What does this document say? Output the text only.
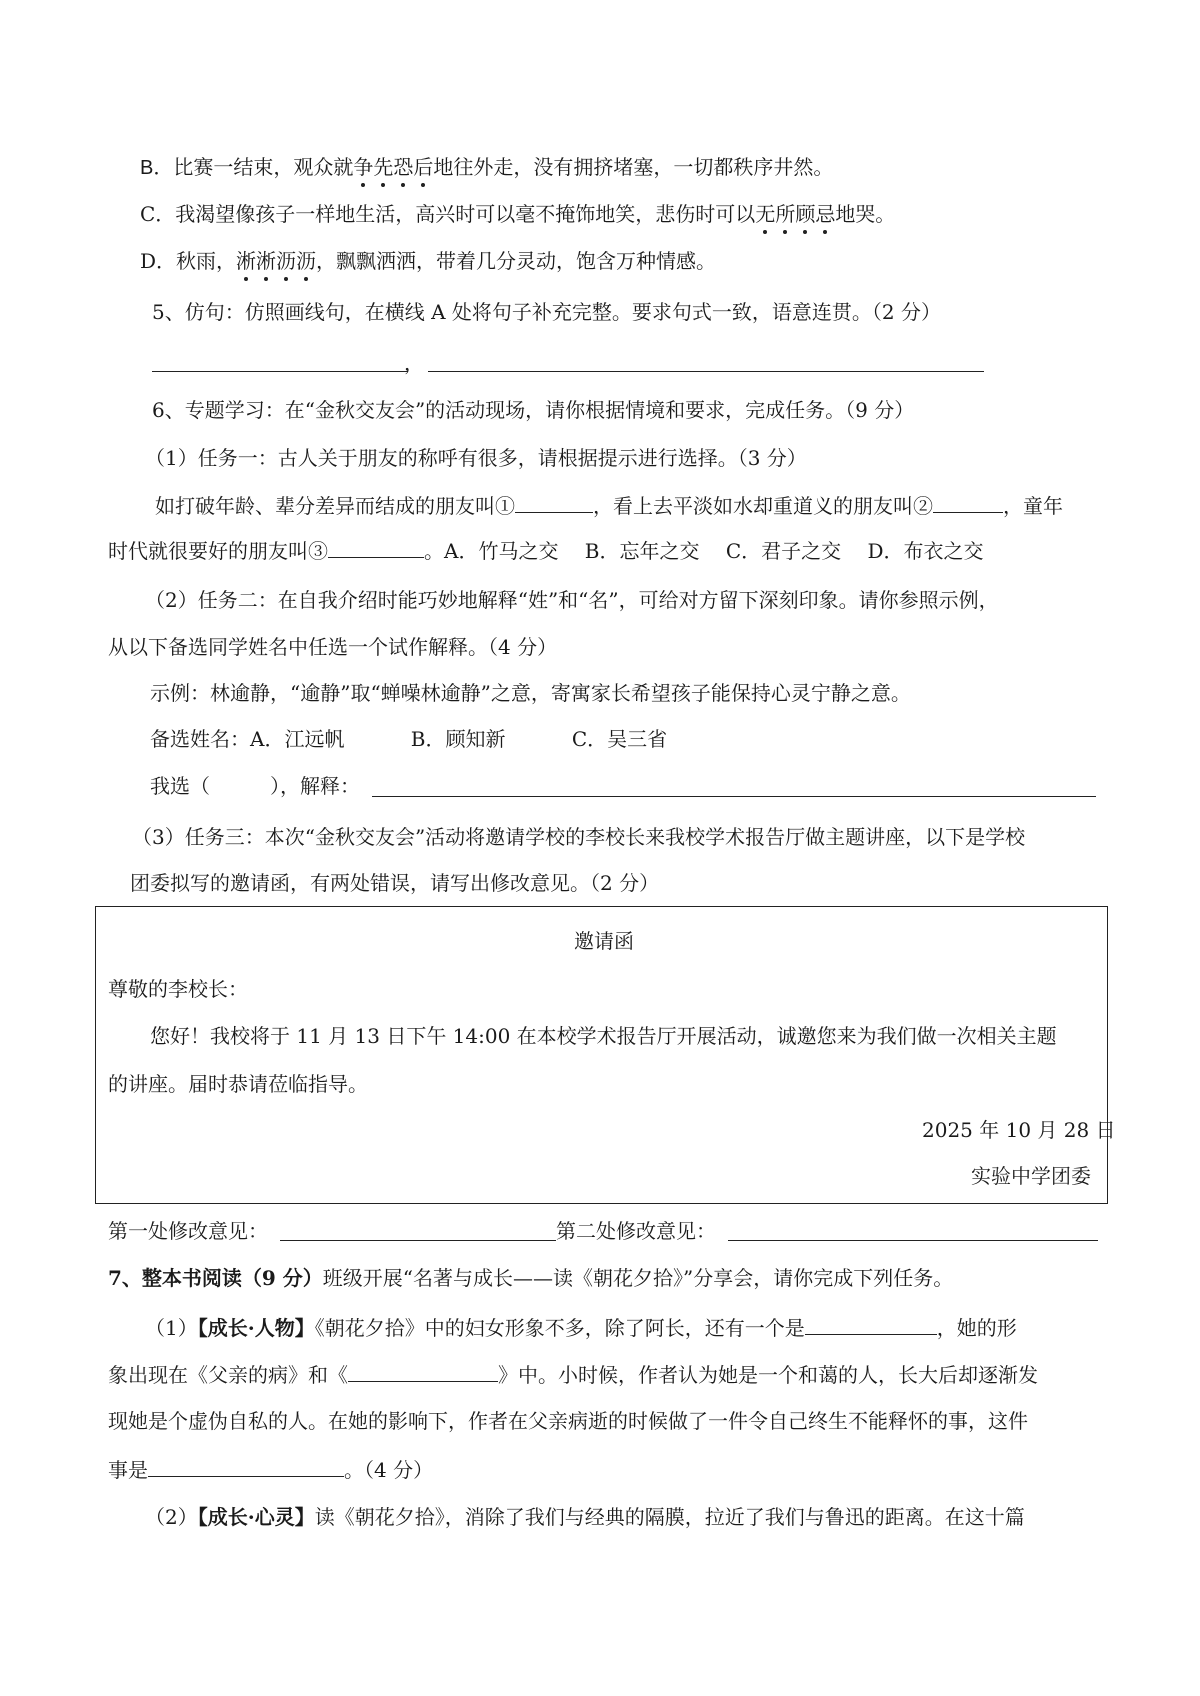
B．比赛一结束，观众就争先恐后地往外走，没有拥挤堵塞，一切都秩序井然。
C．我渴望像孩子一样地生活，高兴时可以毫不掩饰地笑，悲伤时可以无所顾忌地哭。
D．秋雨，淅淅沥沥，飘飘洒洒，带着几分灵动，饱含万种情感。
5、仿句：仿照画线句，在横线 A 处将句子补充完整。要求句式一致，语意连贯。（2 分）
，
6、专题学习：在“金秋交友会”的活动现场，请你根据情境和要求，完成任务。（9 分）
（1）任务一：古人关于朋友的称呼有很多，请根据提示进行选择。（3 分）
如打破年龄、辈分差异而结成的朋友叫①	，看上去平淡如水却重道义的朋友叫②	，童年
时代就很要好的朋友叫③	。A．竹马之交　 B．忘年之交　 C．君子之交　 D．布衣之交
（2）任务二：在自我介绍时能巧妙地解释“姓”和“名”，可给对方留下深刻印象。请你参照示例，
从以下备选同学姓名中任选一个试作解释。（4 分）
示例：林逾静，“逾静”取“蝉噪林逾静”之意，寄寓家长希望孩子能保持心灵宁静之意。
备选姓名：A．江远帆　　　 B．顾知新　　　 C．吴三省
我选（　　　），解释：
（3）任务三：本次“金秋交友会”活动将邀请学校的李校长来我校学术报告厅做主题讲座，以下是学校
团委拟写的邀请函，有两处错误，请写出修改意见。（2 分）
邀请函
尊敬的李校长：
您好！我校将于 11 月 13 日下午 14:00 在本校学术报告厅开展活动，诚邀您来为我们做一次相关主题
的讲座。届时恭请莅临指导。
2025 年 10 月 28 日
实验中学团委
第一处修改意见：	第二处修改意见：
7、整本书阅读（9 分）班级开展“名著与成长——读《朝花夕拾》”分享会，请你完成下列任务。
（1）【成长·人物】《朝花夕拾》中的妇女形象不多，除了阿长，还有一个是	，她的形
象出现在《父亲的病》和《	》中。小时候，作者认为她是一个和蔼的人，长大后却逐渐发
现她是个虚伪自私的人。在她的影响下，作者在父亲病逝的时候做了一件令自己终生不能释怀的事，这件
事是	。（4 分）
（2）【成长·心灵】读《朝花夕拾》，消除了我们与经典的隔膜，拉近了我们与鲁迅的距离。在这十篇
